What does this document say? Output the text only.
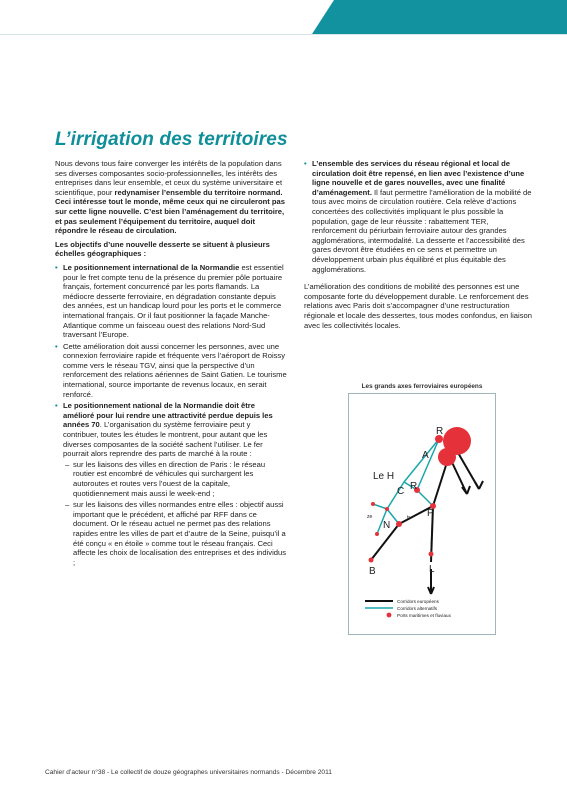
L’irrigation des territoires

Nous devons tous faire converger les intérêts de la population dans ses diverses composantes socio-professionnelles, les intérêts des entreprises dans leur ensemble, et ceux du système universitaire et scientifique, pour redynamiser l’ensemble du territoire normand. Ceci intéresse tout le monde, même ceux qui ne circuleront pas sur cette ligne nouvelle. C’est bien l’aménagement du territoire, et pas seulement l’équipement du territoire, auquel doit répondre le réseau de circulation.

Les objectifs d’une nouvelle desserte se situent à plusieurs échelles géographiques :

• Le positionnement international de la Normandie est essentiel pour le fret compte tenu de la présence du premier pôle portuaire français, fortement concurrencé par les ports flamands. La médiocre desserte ferroviaire, en dégradation constante depuis des années, est un handicap lourd pour les ports et le commerce international français. Or il faut positionner la façade Manche-Atlantique comme un faisceau ouest des relations Nord-Sud traversant l’Europe.
• Cette amélioration doit aussi concerner les personnes, avec une connexion ferroviaire rapide et fréquente vers l’aéroport de Roissy comme vers le réseau TGV, ainsi que la perspective d’un renforcement des relations aériennes de Saint Gatien. Le tourisme international, source importante de revenus locaux, en serait renforcé.
• Le positionnement national de la Normandie doit être amélioré pour lui rendre une attractivité perdue depuis les années 70. L’organisation du système ferroviaire peut y contribuer, toutes les études le montrent, pour autant que les diverses composantes de la société sachent l’utiliser. Le fer pourrait alors reprendre des parts de marché à la route :
– sur les liaisons des villes en direction de Paris : le réseau routier est encombré de véhicules qui surchargent les autoroutes et routes vers l’ouest de la capitale, quotidiennement mais aussi le week-end ;
– sur les liaisons des villes normandes entre elles : objectif aussi important que le précédent, et affiché par RFF dans ce document. Or le réseau actuel ne permet pas des relations rapides entre les villes de part et d’autre de la Seine, puisqu’il a été conçu « en étoile » comme tout le réseau français. Ceci affecte les choix de localisation des entreprises et des individus ;
• L’ensemble des services du réseau régional et local de circulation doit être repensé, en lien avec l’existence d’une ligne nouvelle et de gares nouvelles, avec une finalité d’aménagement. Il faut permettre l’amélioration de la mobilité de tous avec moins de circulation routière. Cela relève d’actions concertées des collectivités impliquant le plus possible la population, gage de leur réussite : rabattement TER, renforcement du périurbain ferroviaire autour des grandes agglomérations, intermodalité. La desserte et l’accessibilité des gares devront être étudiées en ce sens et permettre un développement urbain plus équilibré et plus équitable des agglomérations.

L’amélioration des conditions de mobilité des personnes est une composante forte du développement durable. Le renforcement des relations avec Paris doit s’accompagner d’une restructuration régionale et locale des dessertes, tous modes confondus, en liaison avec les collectivités locales.

Les grands axes ferroviaires européens
R
A
Le H
R
C
P
N
B	L
ze	tr
Corridors européens
Corridors alternatifs
Ports maritimes et fluviaux
Cahier d’acteur n°38 - Le collectif de douze géographes universitaires normands - Décembre 2011
